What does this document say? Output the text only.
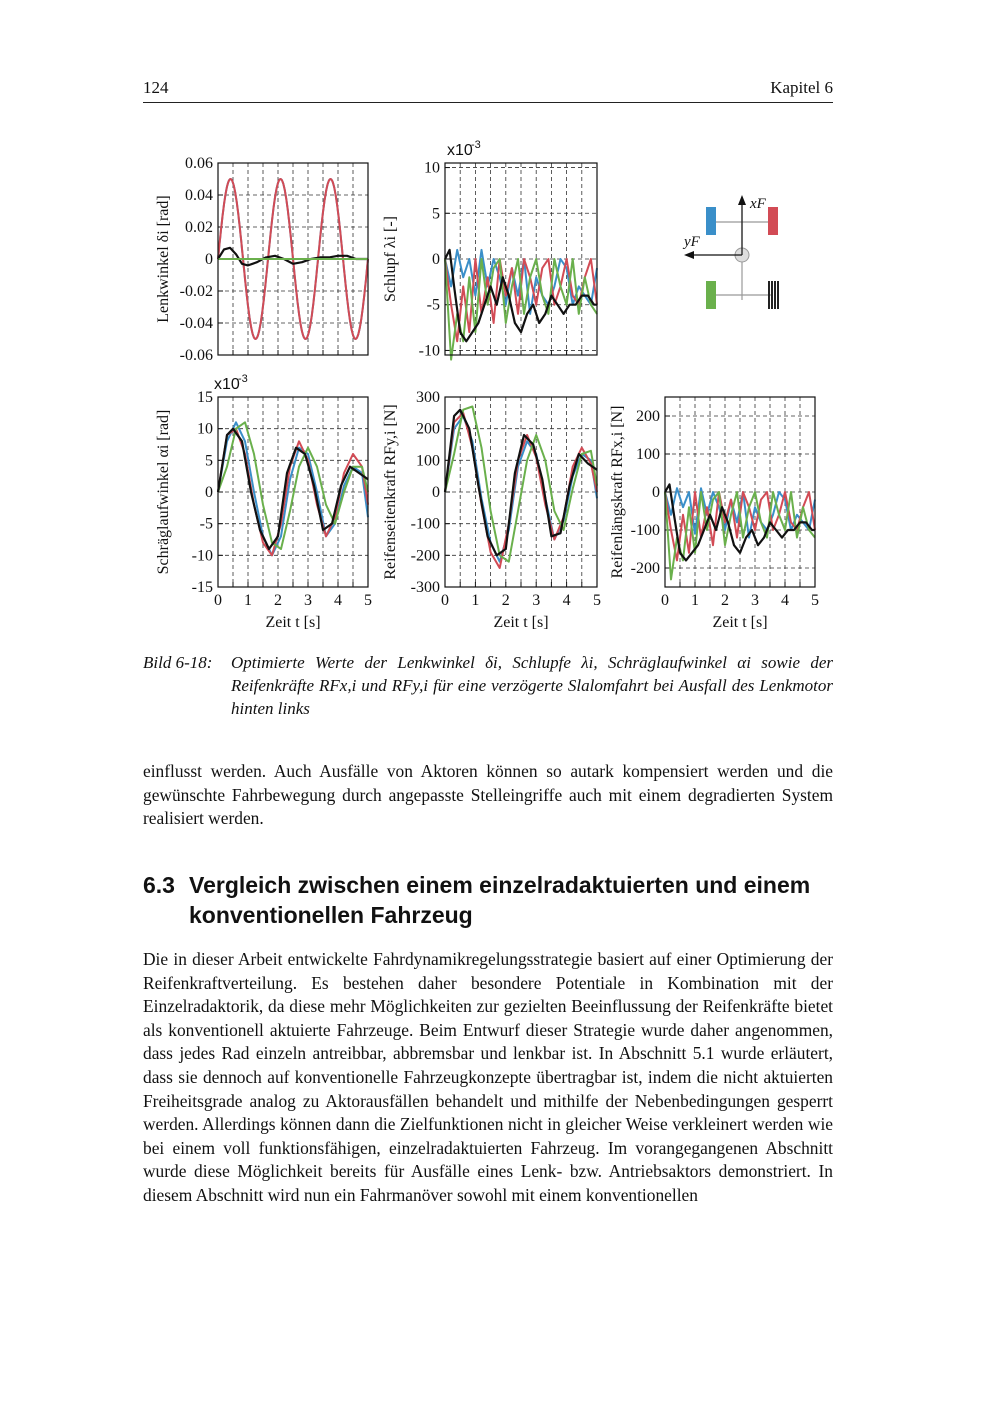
124	Kapitel 6
0.06
0.04
0.02
0
-0.02
-0.04
-0.06
Lenkwinkel δi [rad]
10
5
0
-5
-10
x10
-3
Schlupf λi [-]
15
10
5
0
-5
-10
-15
0 1 2 3 4 5
Zeit t [s]
x10
-3
Schräglaufwinkel αi [rad]
300
200
100
0
-100
-200
-300
0 1 2 3 4 5
Zeit t [s]
Reifenseitenkraft RFy,i [N]	200
100
0
-100
-200
0 1 2 3 4 5
Zeit t [s]
Reifenlängskraft RFx,i [N]
xF
yF
Bild 6-18: Optimierte Werte der Lenkwinkel δi, Schlupfe λi, Schräglaufwinkel αi sowie der Reifenkräfte RFx,i und RFy,i für eine verzögerte Slalomfahrt bei Ausfall des Lenkmotor hinten links
einflusst werden. Auch Ausfälle von Aktoren können so autark kompensiert werden und die gewünschte Fahrbewegung durch angepasste Stelleingriffe auch mit einem degradierten System realisiert werden.
6.3 Vergleich zwischen einem einzelradaktuierten und einem konventionellen Fahrzeug
Die in dieser Arbeit entwickelte Fahrdynamikregelungsstrategie basiert auf einer Optimierung der Reifenkraftverteilung. Es bestehen daher besondere Potentiale in Kombination mit der Einzelradaktorik, da diese mehr Möglichkeiten zur gezielten Beeinflussung der Reifenkräfte bietet als konventionell aktuierte Fahrzeuge. Beim Entwurf dieser Strategie wurde daher angenommen, dass jedes Rad einzeln antreibbar, abbremsbar und lenkbar ist. In Abschnitt 5.1 wurde erläutert, dass sie dennoch auf konventionelle Fahrzeugkonzepte übertragbar ist, indem die nicht aktuierten Freiheitsgrade analog zu Aktorausfällen behandelt und mithilfe der Nebenbedingungen gesperrt werden. Allerdings können dann die Zielfunktionen nicht in gleicher Weise verkleinert werden wie bei einem voll funktionsfähigen, einzelradaktuierten Fahrzeug. Im vorangegangenen Abschnitt wurde diese Möglichkeit bereits für Ausfälle eines Lenk- bzw. Antriebsaktors demonstriert. In diesem Abschnitt wird nun ein Fahrmanöver sowohl mit einem konventionellen
